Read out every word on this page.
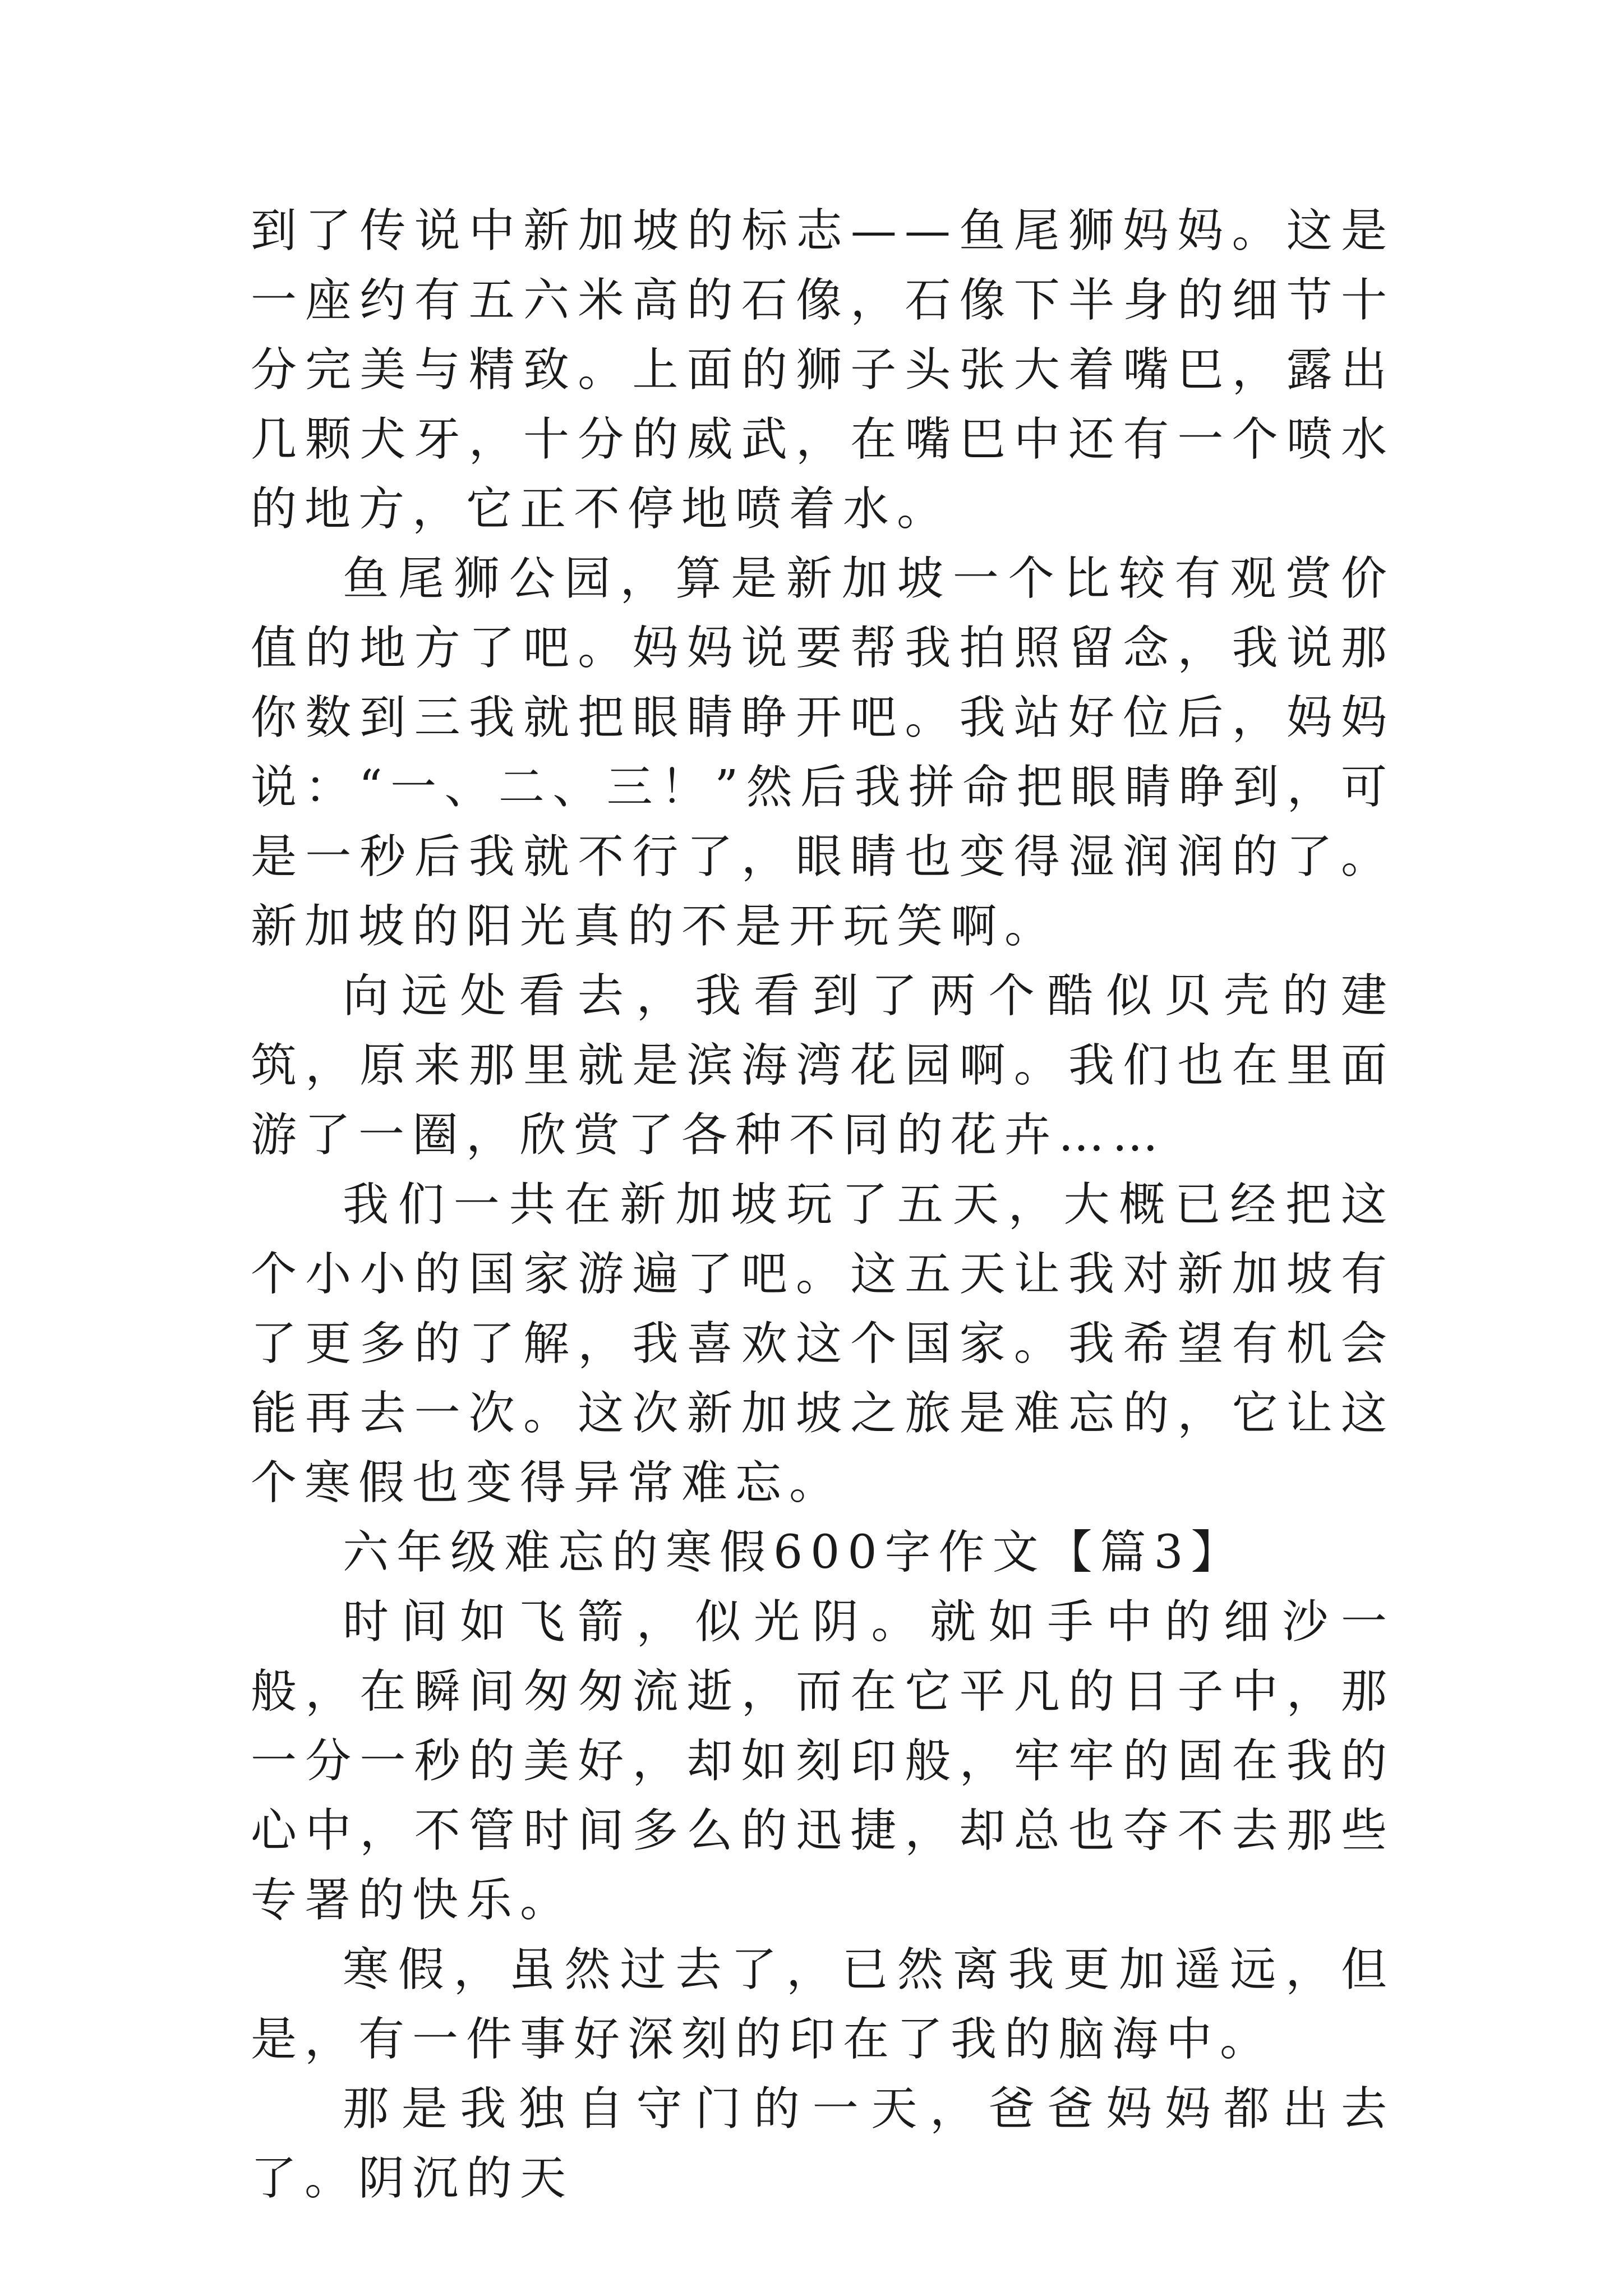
到了传说中新加坡的标志——鱼尾狮妈妈。这是一座约有五六米高的石像，石像下半身的细节十分完美与精致。上面的狮子头张大着嘴巴，露出几颗犬牙，十分的威武，在嘴巴中还有一个喷水的地方，它正不停地喷着水。

鱼尾狮公园，算是新加坡一个比较有观赏价值的地方了吧。妈妈说要帮我拍照留念，我说那你数到三我就把眼睛睁开吧。我站好位后，妈妈说：“一、二、三！”然后我拼命把眼睛睁到，可是一秒后我就不行了，眼睛也变得湿润润的了。新加坡的阳光真的不是开玩笑啊。

向远处看去，我看到了两个酷似贝壳的建筑，原来那里就是滨海湾花园啊。我们也在里面游了一圈，欣赏了各种不同的花卉……

我们一共在新加坡玩了五天，大概已经把这个小小的国家游遍了吧。这五天让我对新加坡有了更多的了解，我喜欢这个国家。我希望有机会能再去一次。这次新加坡之旅是难忘的，它让这个寒假也变得异常难忘。

六年级难忘的寒假600字作文【篇3】

时间如飞箭，似光阴。就如手中的细沙一般，在瞬间匆匆流逝，而在它平凡的日子中，那一分一秒的美好，却如刻印般，牢牢的固在我的心中，不管时间多么的迅捷，却总也夺不去那些专署的快乐。

寒假，虽然过去了，已然离我更加遥远，但是，有一件事好深刻的印在了我的脑海中。

那是我独自守门的一天，爸爸妈妈都出去了。阴沉的天
